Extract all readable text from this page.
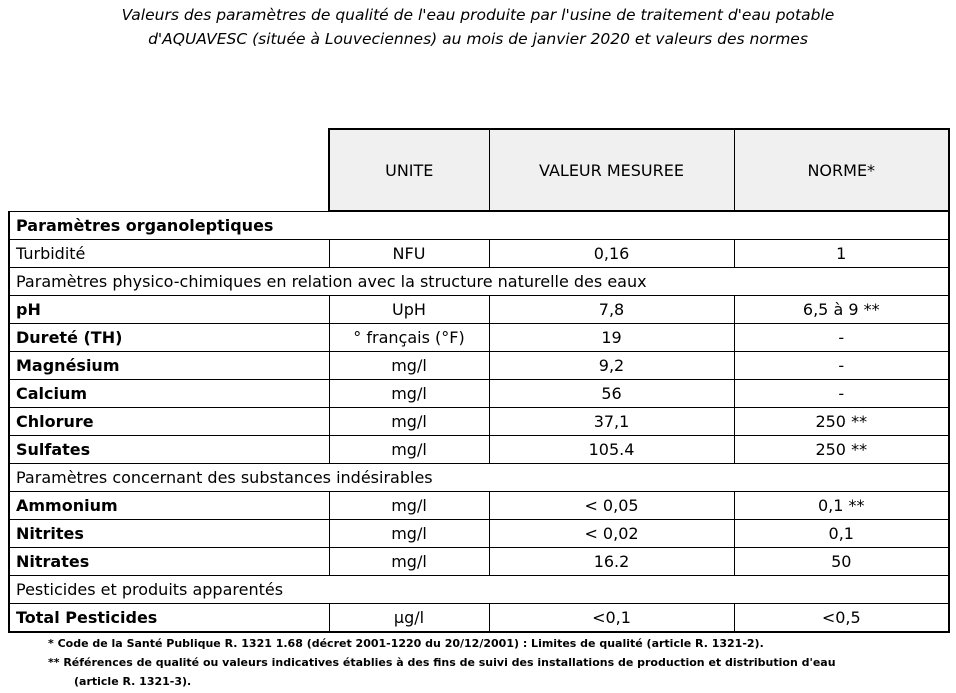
Valeurs des paramètres de qualité de l'eau produite par l'usine de traitement d'eau potable
d'AQUAVESC (située à Louveciennes) au mois de janvier 2020 et valeurs des normes
	UNITE	VALEUR MESUREE	NORME*
Paramètres organoleptiques			
Turbidité	NFU	0,16	1
Paramètres physico-chimiques en relation avec la structure naturelle des eaux			
pH	UpH	7,8	6,5 à 9 **
Dureté (TH)	° français (°F)	19	-
Magnésium	mg/l	9,2	-
Calcium	mg/l	56	-
Chlorure	mg/l	37,1	250 **
Sulfates	mg/l	105.4	250 **
Paramètres concernant des substances indésirables			
Ammonium	mg/l	< 0,05	0,1 **
Nitrites	mg/l	< 0,02	0,1
Nitrates	mg/l	16.2	50
Pesticides et produits apparentés			
Total Pesticides	µg/l	<0,1	<0,5
* Code de la Santé Publique R. 1321 1.68 (décret 2001-1220 du 20/12/2001) : Limites de qualité (article R. 1321-2).
** Références de qualité ou valeurs indicatives établies à des fins de suivi des installations de production et distribution d'eau
(article R. 1321-3).
